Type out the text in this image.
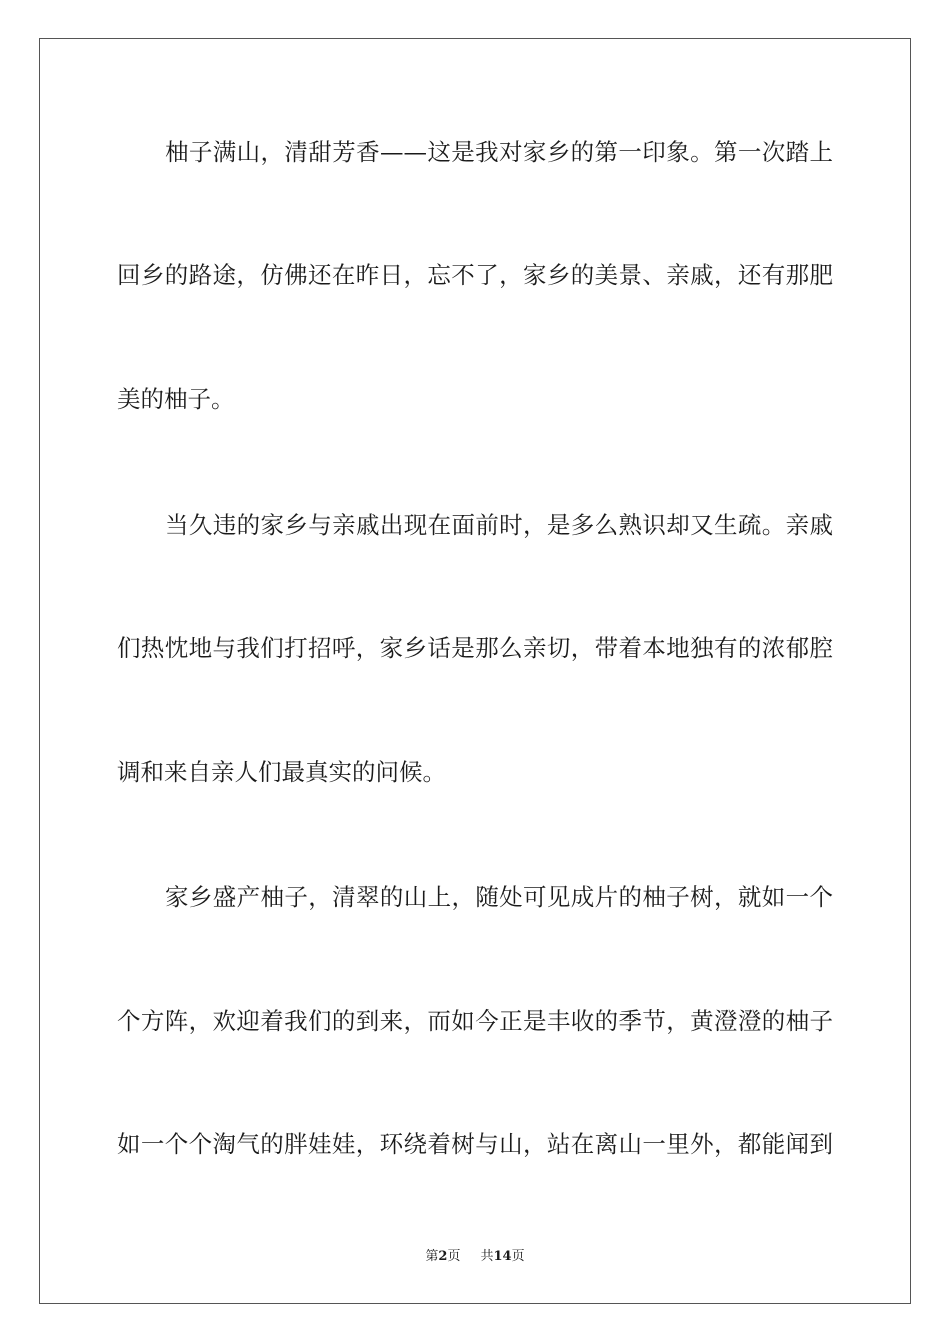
柚子满山，清甜芳香——这是我对家乡的第一印象。第一次踏上
回乡的路途，仿佛还在昨日，忘不了，家乡的美景、亲戚，还有那肥
美的柚子。
当久违的家乡与亲戚出现在面前时，是多么熟识却又生疏。亲戚
们热忱地与我们打招呼，家乡话是那么亲切，带着本地独有的浓郁腔
调和来自亲人们最真实的问候。
家乡盛产柚子，清翠的山上，随处可见成片的柚子树，就如一个
个方阵，欢迎着我们的到来，而如今正是丰收的季节，黄澄澄的柚子
如一个个淘气的胖娃娃，环绕着树与山，站在离山一里外，都能闻到
第2页 共14页
